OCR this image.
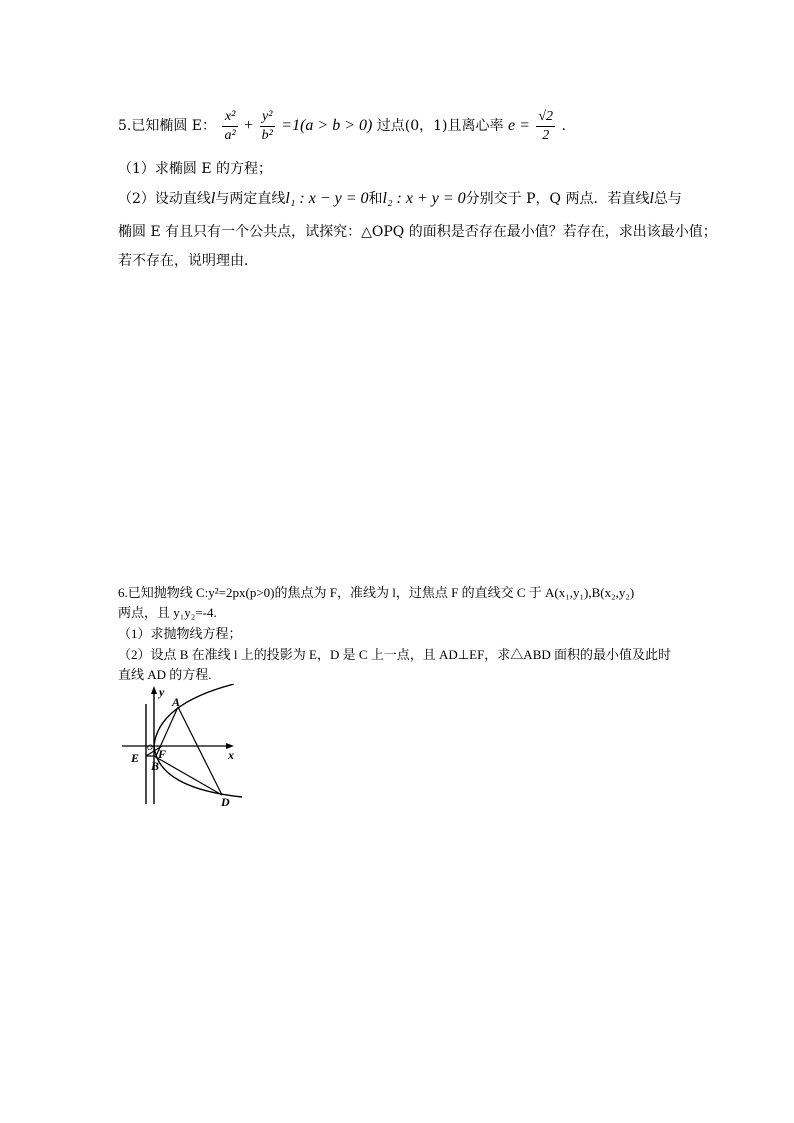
5.已知椭圆 E： $\frac{\text{x²}}{\text{a²}} + \frac{\text{y²}}{\text{b²}} =1(a > b > 0)$ 过点(0，1)且离心率 $e = \frac{√2}{2}$ .
（1）求椭圆 E 的方程；
（2）设动直线l与两定直线l₁ : x − y = 0和l₂ : x + y = 0分别交于 P，Q 两点．若直线l总与
椭圆 E 有且只有一个公共点，试探究：△OPQ 的面积是否存在最小值？若存在，求出该最小值；
若不存在，说明理由．
6.已知抛物线 C:y²=2px(p>0)的焦点为 F，准线为 l，过焦点 F 的直线交 C 于 A(x₁,y₁),B(x₂,y₂)
两点，且 y₁y₂=-4.
（1）求抛物线方程；
（2）设点 B 在准线 l 上的投影为 E，D 是 C 上一点，且 AD⊥EF，求△ABD 面积的最小值及此时
直线 AD 的方程.
y
x
A
O F
E
B
D
